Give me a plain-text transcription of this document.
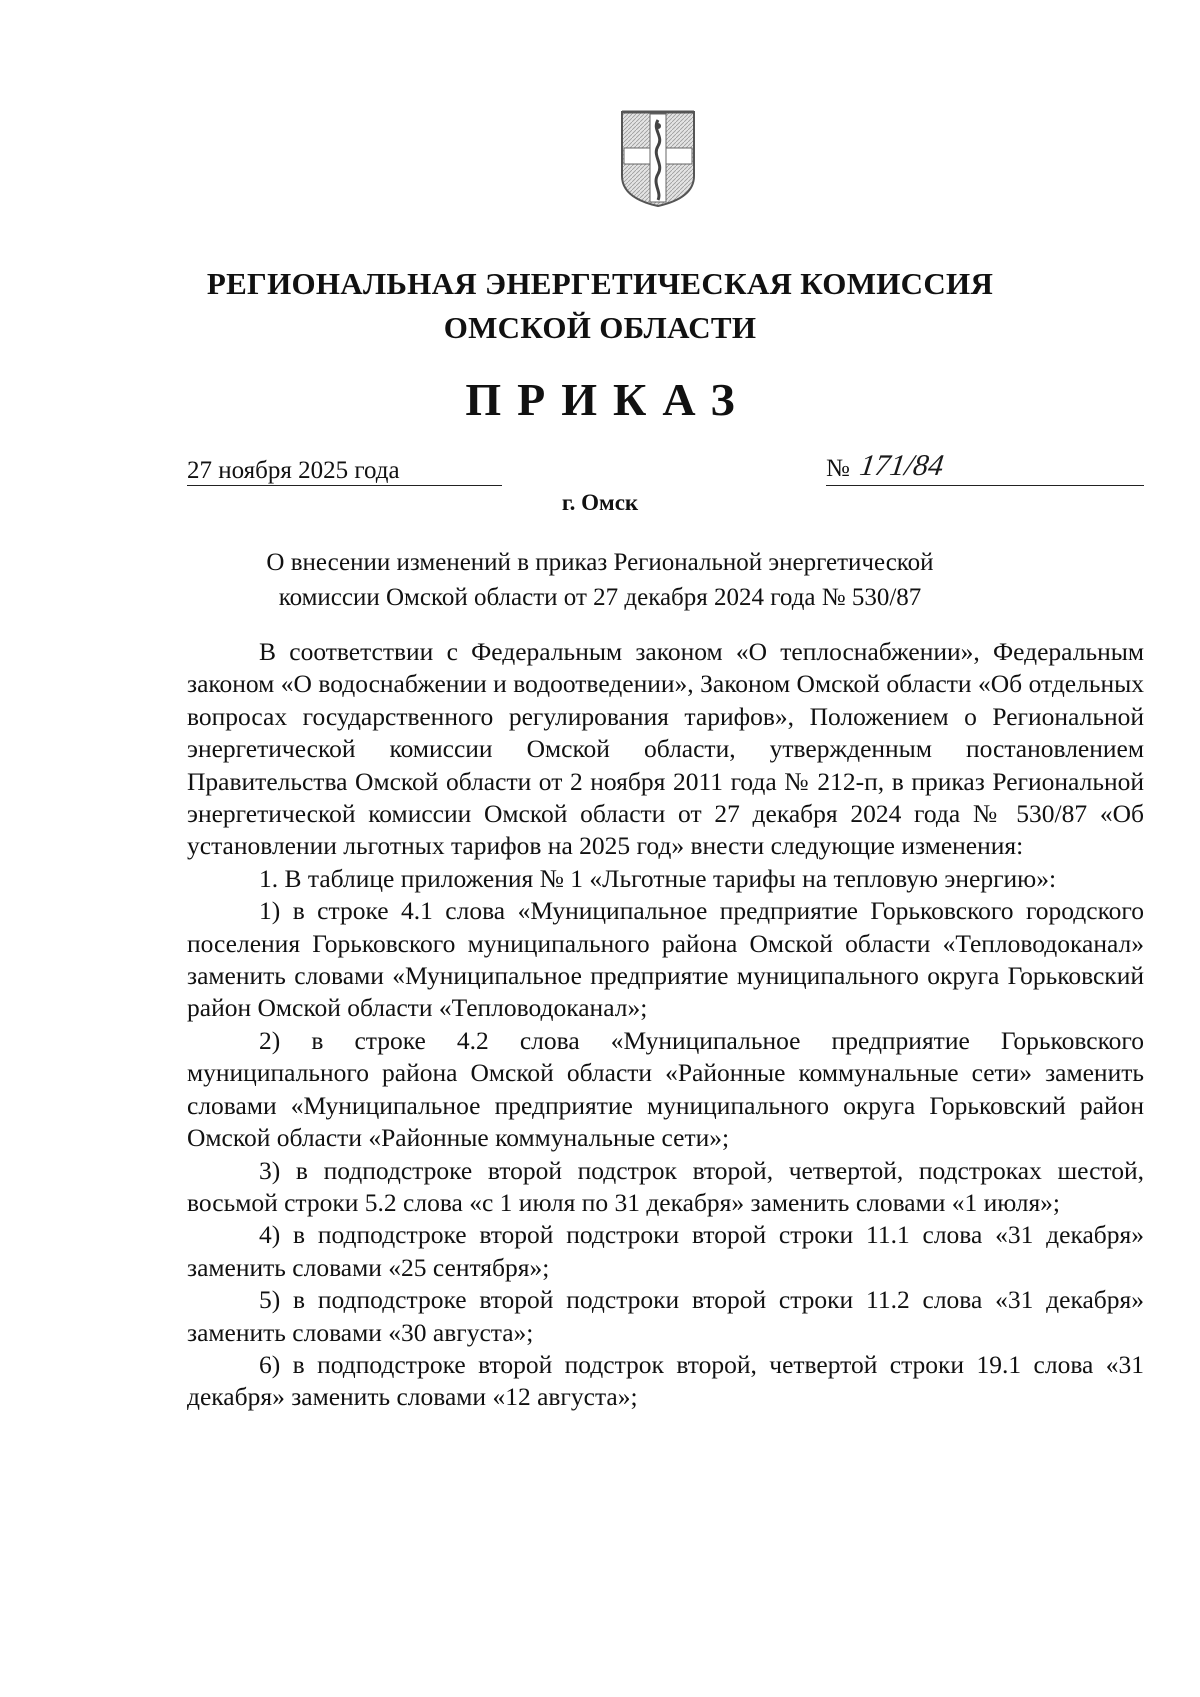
РЕГИОНАЛЬНАЯ ЭНЕРГЕТИЧЕСКАЯ КОМИССИЯ
ОМСКОЙ ОБЛАСТИ
ПРИКАЗ
27 ноября 2025 года	№ 171/84
г. Омск
О внесении изменений в приказ Региональной энергетической
комиссии Омской области от 27 декабря 2024 года № 530/87

В соответствии с Федеральным законом «О теплоснабжении», Федеральным законом «О водоснабжении и водоотведении», Законом Омской области «Об отдельных вопросах государственного регулирования тарифов», Положением о Региональной энергетической комиссии Омской области, утвержденным постановлением Правительства Омской области от 2 ноября 2011 года № 212-п, в приказ Региональной энергетической комиссии Омской области от 27 декабря 2024 года № 530/87 «Об установлении льготных тарифов на 2025 год» внести следующие изменения:

1. В таблице приложения № 1 «Льготные тарифы на тепловую энергию»:

1) в строке 4.1 слова «Муниципальное предприятие Горьковского городского поселения Горьковского муниципального района Омской области «Тепловодоканал» заменить словами «Муниципальное предприятие муниципального округа Горьковский район Омской области «Тепловодоканал»;

2) в строке 4.2 слова «Муниципальное предприятие Горьковского муниципального района Омской области «Районные коммунальные сети» заменить словами «Муниципальное предприятие муниципального округа Горьковский район Омской области «Районные коммунальные сети»;

3) в подподстроке второй подстрок второй, четвертой, подстроках шестой, восьмой строки 5.2 слова «с 1 июля по 31 декабря» заменить словами «1 июля»;

4) в подподстроке второй подстроки второй строки 11.1 слова «31 декабря» заменить словами «25 сентября»;

5) в подподстроке второй подстроки второй строки 11.2 слова «31 декабря» заменить словами «30 августа»;

6) в подподстроке второй подстрок второй, четвертой строки 19.1 слова «31 декабря» заменить словами «12 августа»;
